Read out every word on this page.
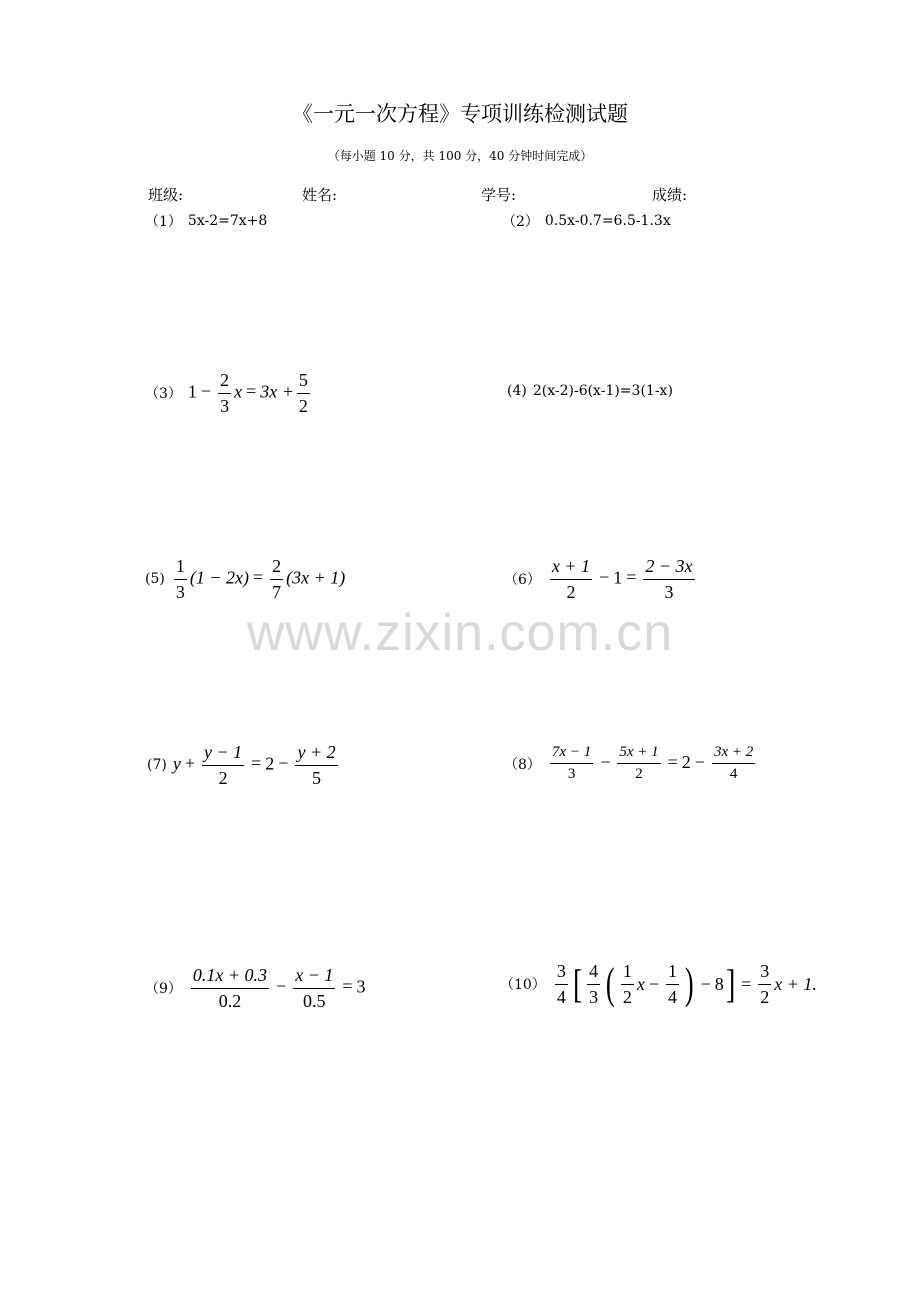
《一元一次方程》专项训练检测试题
（每小题 10 分，共 100 分，40 分钟时间完成）
班级:	姓名:	学号:	成绩:
（1） 5x-2=7x+8	（2） 0.5x-0.7=6.5-1.3x
（3） $1 - \frac{2}{3}$ $x = 3x + \frac{5}{2}$	(4) 2(x-2)-6(x-1)=3(1-x)
$(5) \frac{1}{3} (1 - 2x) = \frac{2}{7} (3x + 1)$	$(6) \frac{x + 1}{2} - 1 = \frac{2 - 3x}{3}$
(7) $y + \frac{y - 1}{2} = 2 - \frac{y + 2}{5}$	$(8) \frac{7x - 1}{3} - \frac{5x + 1}{2} = 2 - \frac{3x + 2}{4}$
$(9) \frac{0.1x + 0.3}{0.2} - \frac{x - 1}{0.5} = 3$	$(10) \frac{3}{4}$ [ $\frac{4}{3}$ ( $\frac{1}{2}$ $x - \frac{1}{4}$ ) − 8 ] = $\frac{3}{2}$ x + 1.
www.zixin.com.cn
